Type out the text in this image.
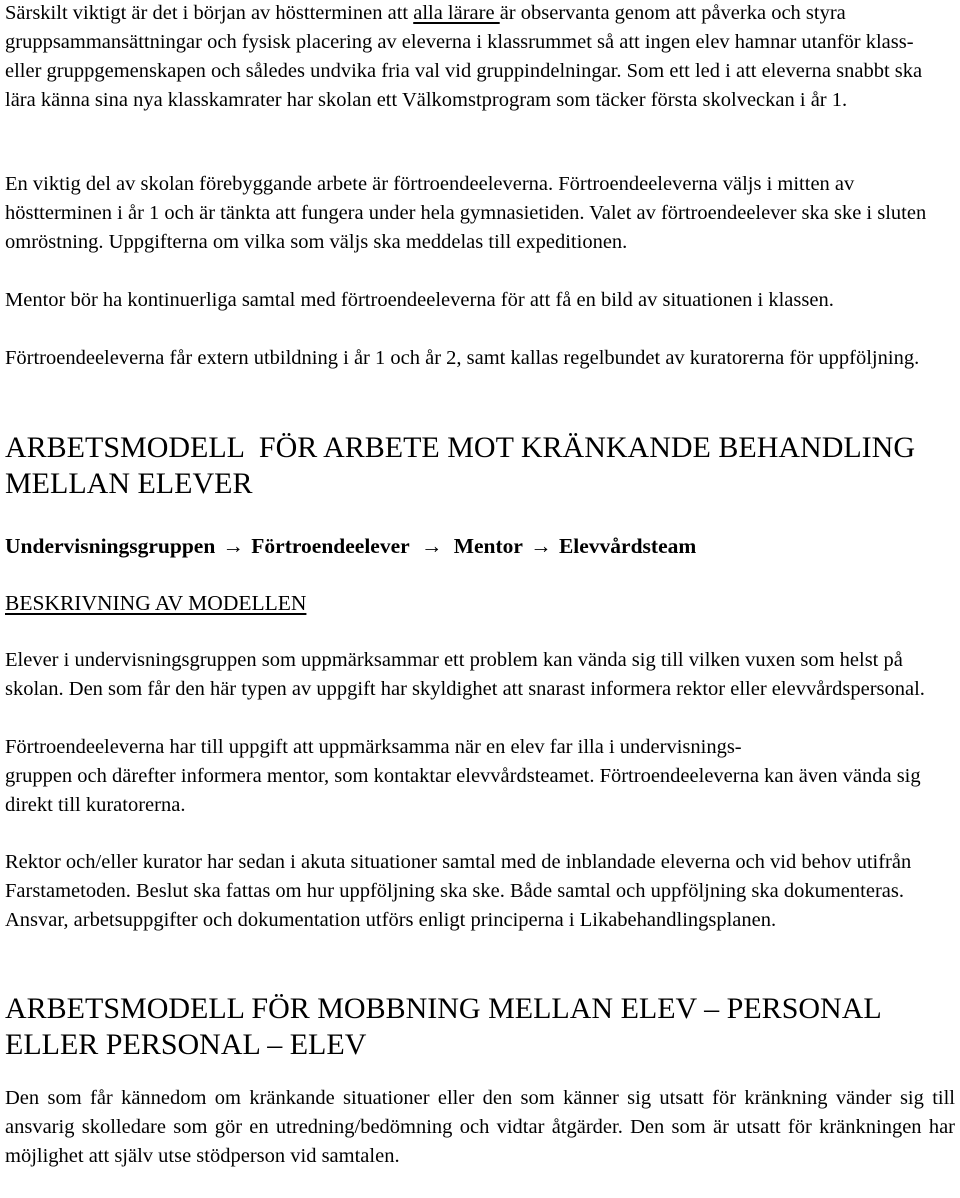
Särskilt viktigt är det i början av höstterminen att alla lärare är observanta genom att påverka och styra gruppsammansättningar och fysisk placering av eleverna i klassrummet så att ingen elev hamnar utanför klass- eller gruppgemenskapen och således undvika fria val vid gruppindelningar. Som ett led i att eleverna snabbt ska lära känna sina nya klasskamrater har skolan ett Välkomstprogram som täcker första skolveckan i år 1.

En viktig del av skolan förebyggande arbete är förtroendeeleverna. Förtroendeeleverna väljs i mitten av höstterminen i år 1 och är tänkta att fungera under hela gymnasietiden. Valet av förtroendeelever ska ske i sluten omröstning. Uppgifterna om vilka som väljs ska meddelas till expeditionen.

Mentor bör ha kontinuerliga samtal med förtroendeeleverna för att få en bild av situationen i klassen.

Förtroendeeleverna får extern utbildning i år 1 och år 2, samt kallas regelbundet av kuratorerna för uppföljning.

ARBETSMODELL  FÖR ARBETE MOT KRÄNKANDE BEHANDLING MELLAN ELEVER
Undervisningsgruppen → Förtroendeelever → Mentor → Elevvårdsteam
BESKRIVNING AV MODELLEN

Elever i undervisningsgruppen som uppmärksammar ett problem kan vända sig till vilken vuxen som helst på skolan. Den som får den här typen av uppgift har skyldighet att snarast informera rektor eller elevvårdspersonal.

Förtroendeeleverna har till uppgift att uppmärksamma när en elev far illa i undervisnings-
gruppen och därefter informera mentor, som kontaktar elevvårdsteamet. Förtroendeeleverna kan även vända sig direkt till kuratorerna.

Rektor och/eller kurator har sedan i akuta situationer samtal med de inblandade eleverna och vid behov utifrån Farstametoden. Beslut ska fattas om hur uppföljning ska ske. Både samtal och uppföljning ska dokumenteras. Ansvar, arbetsuppgifter och dokumentation utförs enligt principerna i Likabehandlingsplanen.

ARBETSMODELL FÖR MOBBNING MELLAN ELEV – PERSONAL ELLER PERSONAL – ELEV

Den som får kännedom om kränkande situationer eller den som känner sig utsatt för kränkning vänder sig till ansvarig skolledare som gör en utredning/bedömning och vidtar åtgärder. Den som är utsatt för kränkningen har möjlighet att själv utse stödperson vid samtalen.
